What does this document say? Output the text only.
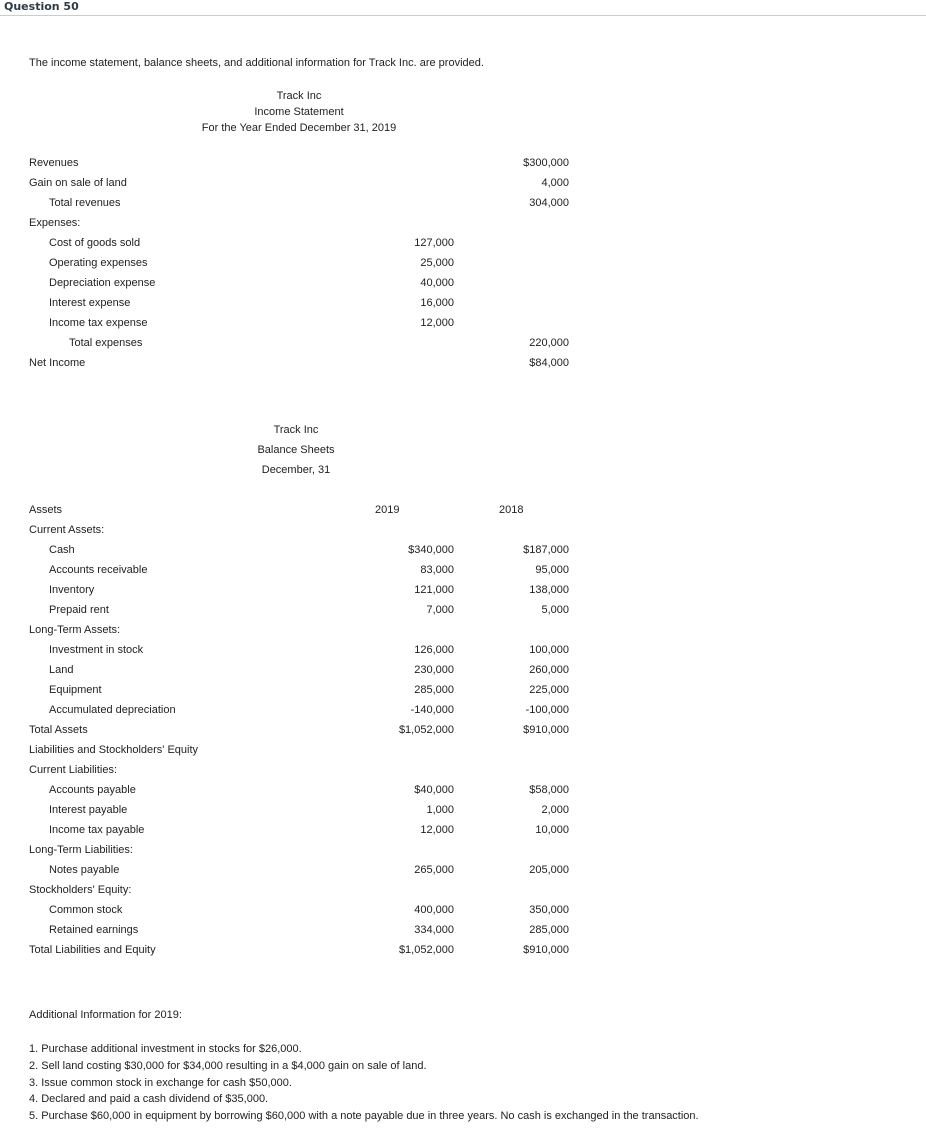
Question 50
The income statement, balance sheets, and additional information for Track Inc. are provided.
Track Inc
Income Statement
For the Year Ended December 31, 2019
Revenues	$300,000
Gain on sale of land	4,000
Total revenues	304,000
Expenses:
Cost of goods sold	127,000
Operating expenses	25,000
Depreciation expense	40,000
Interest expense	16,000
Income tax expense	12,000
Total expenses	220,000
Net Income	$84,000
Track Inc
Balance Sheets
December, 31
Assets	2019	2018
Current Assets:
Cash	$340,000	$187,000
Accounts receivable	83,000	95,000
Inventory	121,000	138,000
Prepaid rent	7,000	5,000
Long-Term Assets:
Investment in stock	126,000	100,000
Land	230,000	260,000
Equipment	285,000	225,000
Accumulated depreciation	-140,000	-100,000
Total Assets	$1,052,000	$910,000
Liabilities and Stockholders' Equity
Current Liabilities:
Accounts payable	$40,000	$58,000
Interest payable	1,000	2,000
Income tax payable	12,000	10,000
Long-Term Liabilities:
Notes payable	265,000	205,000
Stockholders' Equity:
Common stock	400,000	350,000
Retained earnings	334,000	285,000
Total Liabilities and Equity	$1,052,000	$910,000
Additional Information for 2019:
1. Purchase additional investment in stocks for $26,000.
2. Sell land costing $30,000 for $34,000 resulting in a $4,000 gain on sale of land.
3. Issue common stock in exchange for cash $50,000.
4. Declared and paid a cash dividend of $35,000.
5. Purchase $60,000 in equipment by borrowing $60,000 with a note payable due in three years. No cash is exchanged in the transaction.
